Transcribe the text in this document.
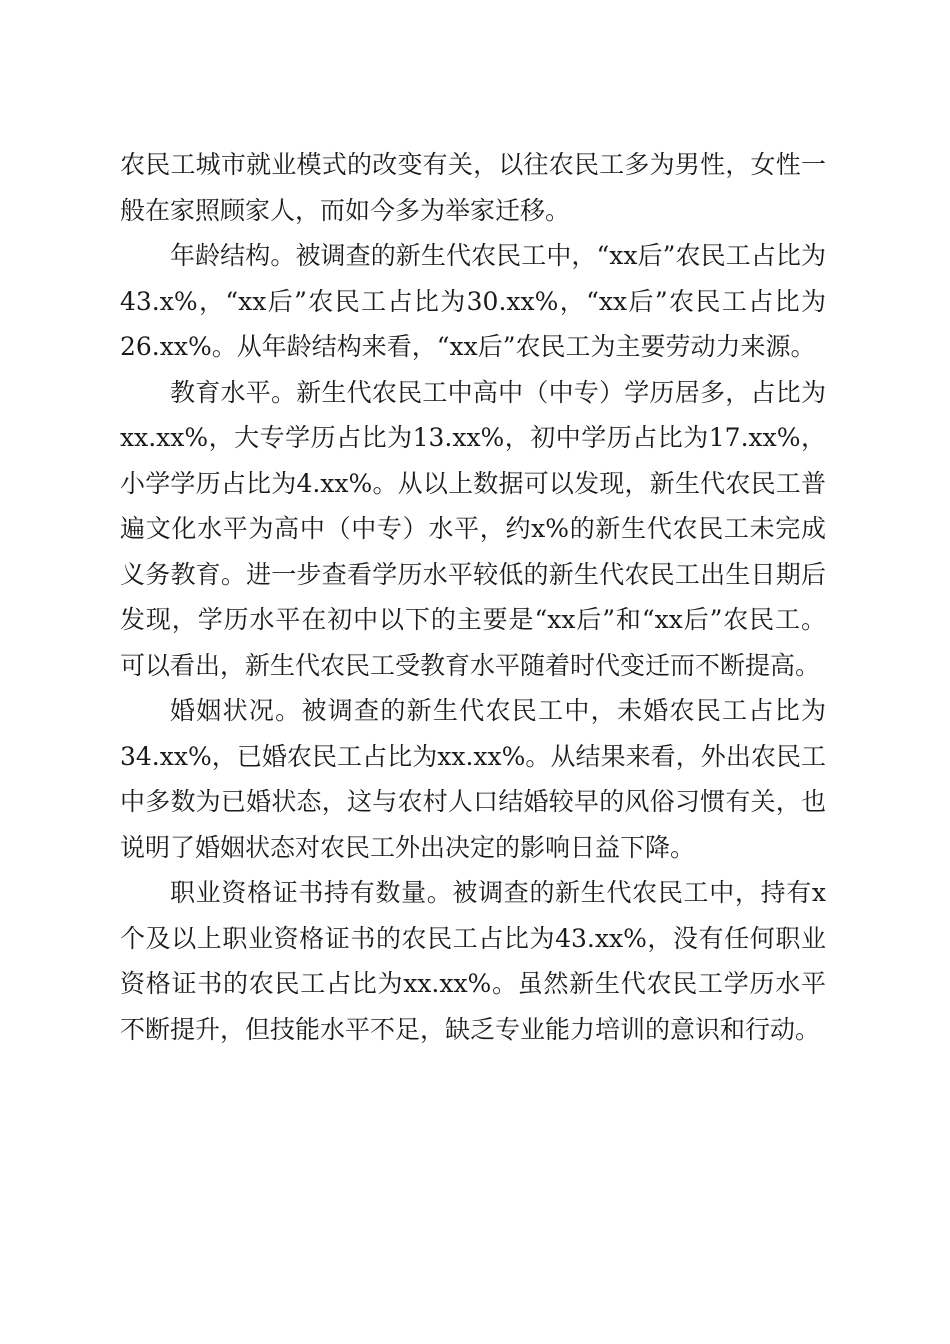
农民工城市就业模式的改变有关，以往农民工多为男性，女性一般在家照顾家人，而如今多为举家迁移。

年龄结构。被调查的新生代农民工中，“xx后”农民工占比为43.x%，“xx后”农民工占比为30.xx%，“xx后”农民工占比为26.xx%。从年龄结构来看，“xx后”农民工为主要劳动力来源。

教育水平。新生代农民工中高中（中专）学历居多，占比为xx.xx%，大专学历占比为13.xx%，初中学历占比为17.xx%，小学学历占比为4.xx%。从以上数据可以发现，新生代农民工普遍文化水平为高中（中专）水平，约x%的新生代农民工未完成义务教育。进一步查看学历水平较低的新生代农民工出生日期后发现，学历水平在初中以下的主要是“xx后”和“xx后”农民工。可以看出，新生代农民工受教育水平随着时代变迁而不断提高。

婚姻状况。被调查的新生代农民工中，未婚农民工占比为34.xx%，已婚农民工占比为xx.xx%。从结果来看，外出农民工中多数为已婚状态，这与农村人口结婚较早的风俗习惯有关，也说明了婚姻状态对农民工外出决定的影响日益下降。

职业资格证书持有数量。被调查的新生代农民工中，持有x个及以上职业资格证书的农民工占比为43.xx%，没有任何职业资格证书的农民工占比为xx.xx%。虽然新生代农民工学历水平不断提升，但技能水平不足，缺乏专业能力培训的意识和行动。
